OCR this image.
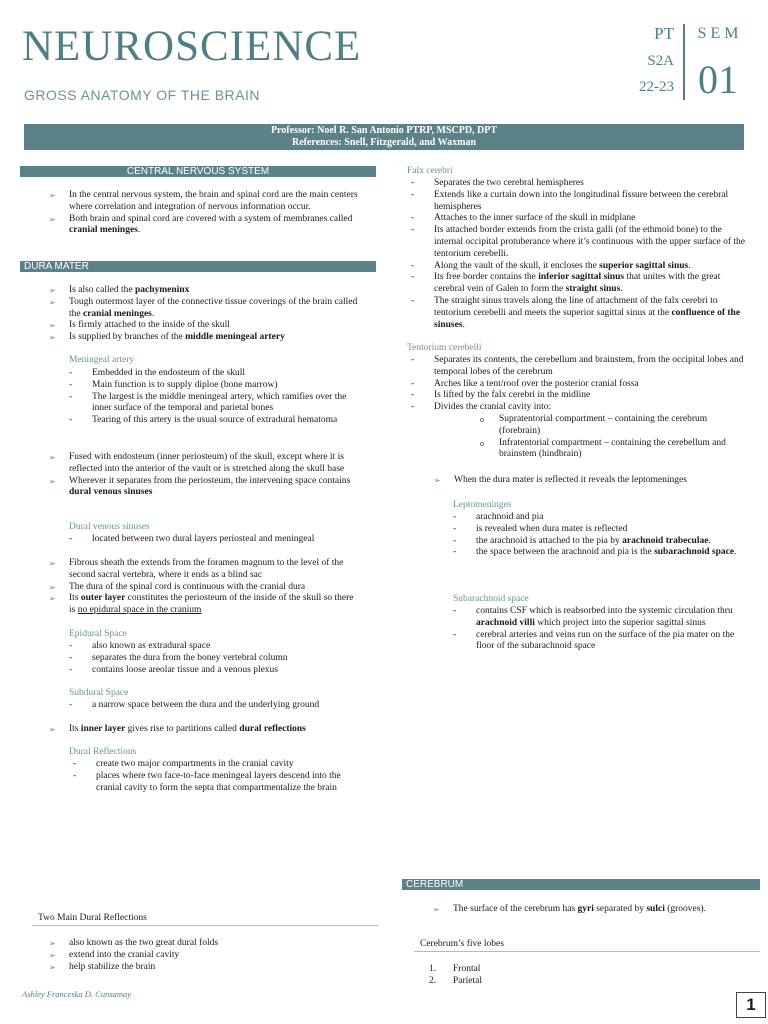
NEUROSCIENCE
GROSS ANATOMY OF THE BRAIN
PT
S2A
22-23
S E M
01
Professor: Noel R. San Antonio PTRP, MSCPD, DPT
References: Snell, Fitzgerald, and Waxman
CENTRAL NERVOUS SYSTEM
➢ In the central nervous system, the brain and spinal cord are the main centers where correlation and integration of nervous information occur.
➢ Both brain and spinal cord are covered with a system of membranes called cranial meninges.
DURA MATER
➢ Is also called the pachymeninx
➢ Tough outermost layer of the connective tissue coverings of the brain called the cranial meninges.
➢ Is firmly attached to the inside of the skull
➢ Is supplied by branches of the middle meningeal artery
Meningeal artery
- Embedded in the endosteum of the skull
- Main function is to supply diploe (bone marrow)
- The largest is the middle meningeal artery, which ramifies over the inner surface of the temporal and parietal bones
- Tearing of this artery is the usual source of extradural hematoma
➢ Fused with endosteum (inner periosteum) of the skull, except where it is reflected into the anterior of the vault or is stretched along the skull base
➢ Wherever it separates from the periosteum, the intervening space contains dural venous sinuses
Dural venous sinuses
- located between two dural layers periosteal and meningeal
➢ Fibrous sheath the extends from the foramen magnum to the level of the second sacral vertebra, where it ends as a blind sac
➢ The dura of the spinal cord is continuous with the cranial dura
➢ Its outer layer constitutes the periosteum of the inside of the skull so there is no epidural space in the cranium
Epidural Space
- also known as extradural space
- separates the dura from the boney vertebral column
- contains loose areolar tissue and a venous plexus
Subdural Space
- a narrow space between the dura and the underlying ground
➢ Its inner layer gives rise to partitions called dural reflections
Dural Reflections
- create two major compartments in the cranial cavity
- places where two face-to-face meningeal layers descend into the cranial cavity to form the septa that compartmentalize the brain
Two Main Dural Reflections
➢ also known as the two great dural folds
➢ extend into the cranial cavity
➢ help stabilize the brain
Falx cerebri
- Separates the two cerebral hemispheres
- Extends like a curtain down into the longitudinal fissure between the cerebral hemispheres
- Attaches to the inner surface of the skull in midplane
- Its attached border extends from the crista galli (of the ethmoid bone) to the internal occipital protuberance where it’s continuous with the upper surface of the tentorium cerebelli.
- Along the vault of the skull, it encloses the superior sagittal sinus.
- Its free border contains the inferior sagittal sinus that unites with the great cerebral vein of Galen to form the straight sinus.
- The straight sinus travels along the line of attachment of the falx cerebri to tentorium cerebelli and meets the superior sagittal sinus at the confluence of the sinuses.
Tentorium cerebelli
- Separates its contents, the cerebellum and brainstem, from the occipital lobes and temporal lobes of the cerebrum
- Arches like a tent/roof over the posterior cranial fossa
- Is lifted by the falx cerebri in the midline
- Divides the cranial cavity into:
o Supratentorial compartment – containing the cerebrum (forebrain)
o Infratentorial compartment – containing the cerebellum and brainstem (hindbrain)
➢ When the dura mater is reflected it reveals the leptomeninges
Leptomeninges
- arachnoid and pia
- is revealed when dura mater is reflected
- the arachnoid is attached to the pia by arachnoid trabeculae.
- the space between the arachnoid and pia is the subarachnoid space.
Subarachnoid space
- contains CSF which is reabsorbed into the systemic circulation thru arachnoid villi which project into the superior sagittal sinus
- cerebral arteries and veins run on the surface of the pia mater on the floor of the subarachnoid space
CEREBRUM
➢ The surface of the cerebrum has gyri separated by sulci (grooves).
Cerebrum’s five lobes
1. Frontal
2. Parietal
Ashley Franceska D. Cunsamay
1
